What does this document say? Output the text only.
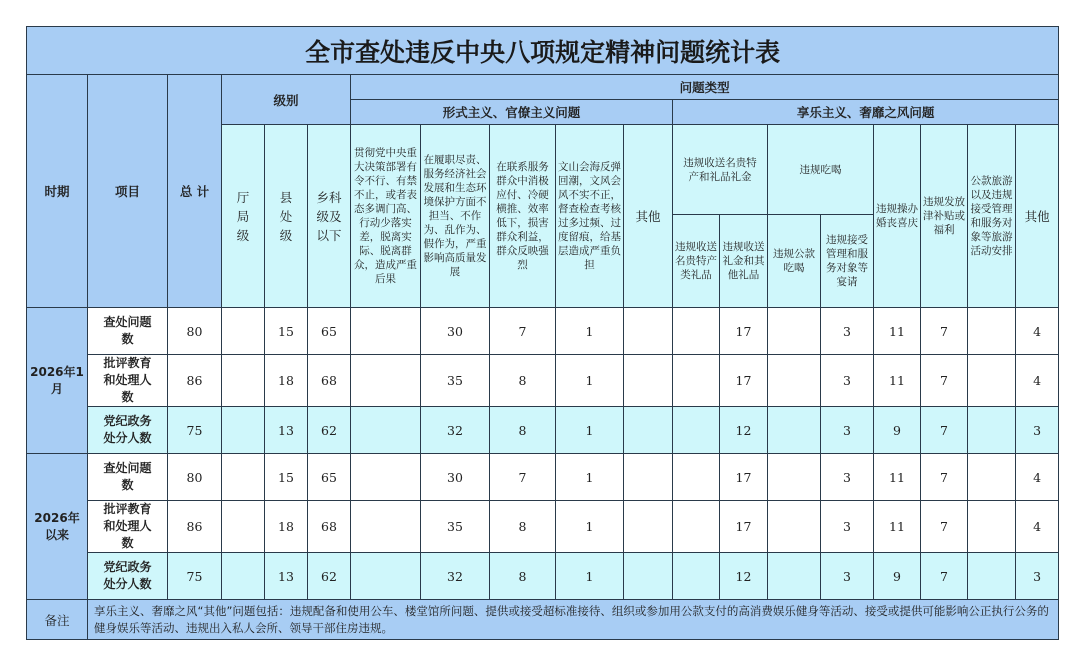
全市查处违反中央八项规定精神问题统计表																		
时期	项目	总 计	级别			问题类型												
						形式主义、官僚主义问题					享乐主义、奢靡之风问题							
			厅局级	县处级	乡科级及以下	贯彻党中央重大决策部署有令不行、有禁不止，或者表态多调门高、行动少落实差，脱离实际、脱离群众，造成严重后果	在履职尽责、服务经济社会发展和生态环境保护方面不担当、不作为、乱作为、假作为，严重影响高质量发展	在联系服务群众中消极应付、冷硬横推、效率低下，损害群众利益，群众反映强烈	文山会海反弹回潮，文风会风不实不正，督查检查考核过多过频、过度留痕，给基层造成严重负担	其他	违规收送名贵特产和礼品礼金		违规吃喝		违规操办婚丧喜庆	违规发放津补贴或福利	公款旅游以及违规接受管理和服务对象等旅游活动安排	其他
											违规收送名贵特产类礼品	违规收送礼金和其他礼品	违规公款吃喝	违规接受管理和服务对象等宴请				
2026年1月	查处问题数	80		15	65		30	7	1			17		3	11	7		4
	批评教育和处理人数	86		18	68		35	8	1			17		3	11	7		4
	党纪政务处分人数	75		13	62		32	8	1			12		3	9	7		3
2026年以来	查处问题数	80		15	65		30	7	1			17		3	11	7		4
	批评教育和处理人数	86		18	68		35	8	1			17		3	11	7		4
	党纪政务处分人数	75		13	62		32	8	1			12		3	9	7		3
备注	享乐主义、奢靡之风“其他”问题包括：违规配备和使用公车、楼堂馆所问题、提供或接受超标准接待、组织或参加用公款支付的高消费娱乐健身等活动、接受或提供可能影响公正执行公务的健身娱乐等活动、违规出入私人会所、领导干部住房违规。																	
